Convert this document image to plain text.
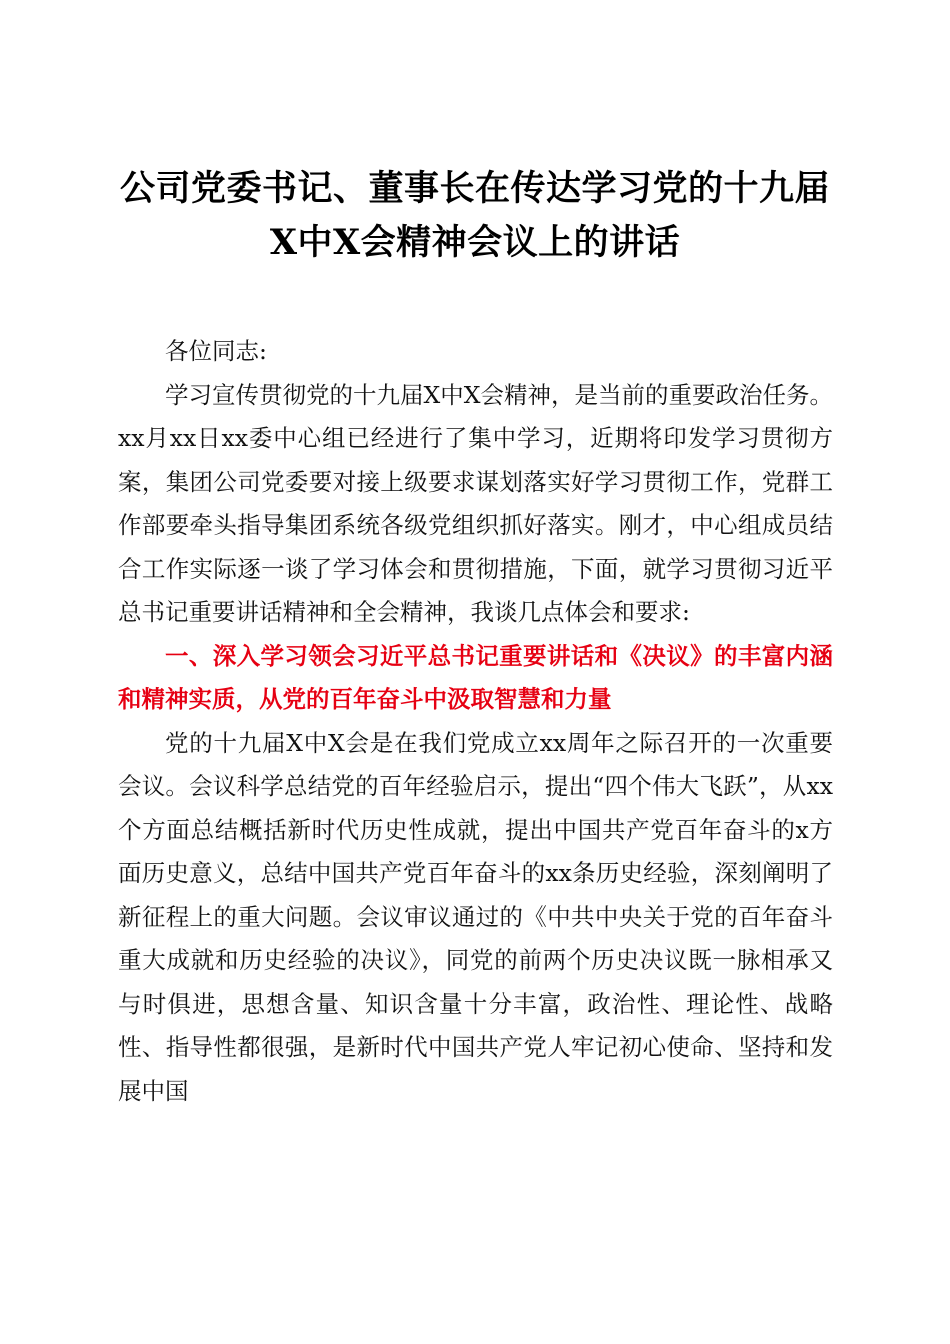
公司党委书记、董事长在传达学习党的十九届
X中X会精神会议上的讲话

各位同志:

学习宣传贯彻党的十九届X中X会精神，是当前的重要政治任务。xx月xx日xx委中心组已经进行了集中学习，近期将印发学习贯彻方案，集团公司党委要对接上级要求谋划落实好学习贯彻工作，党群工作部要牵头指导集团系统各级党组织抓好落实。刚才，中心组成员结合工作实际逐一谈了学习体会和贯彻措施，下面，就学习贯彻习近平总书记重要讲话精神和全会精神，我谈几点体会和要求:

一、深入学习领会习近平总书记重要讲话和《决议》的丰富内涵和精神实质，从党的百年奋斗中汲取智慧和力量

党的十九届X中X会是在我们党成立xx周年之际召开的一次重要会议。会议科学总结党的百年经验启示，提出“四个伟大飞跃”，从xx个方面总结概括新时代历史性成就，提出中国共产党百年奋斗的x方面历史意义，总结中国共产党百年奋斗的xx条历史经验，深刻阐明了新征程上的重大问题。会议审议通过的《中共中央关于党的百年奋斗重大成就和历史经验的决议》，同党的前两个历史决议既一脉相承又与时俱进，思想含量、知识含量十分丰富，政治性、理论性、战略性、指导性都很强，是新时代中国共产党人牢记初心使命、坚持和发展中国
